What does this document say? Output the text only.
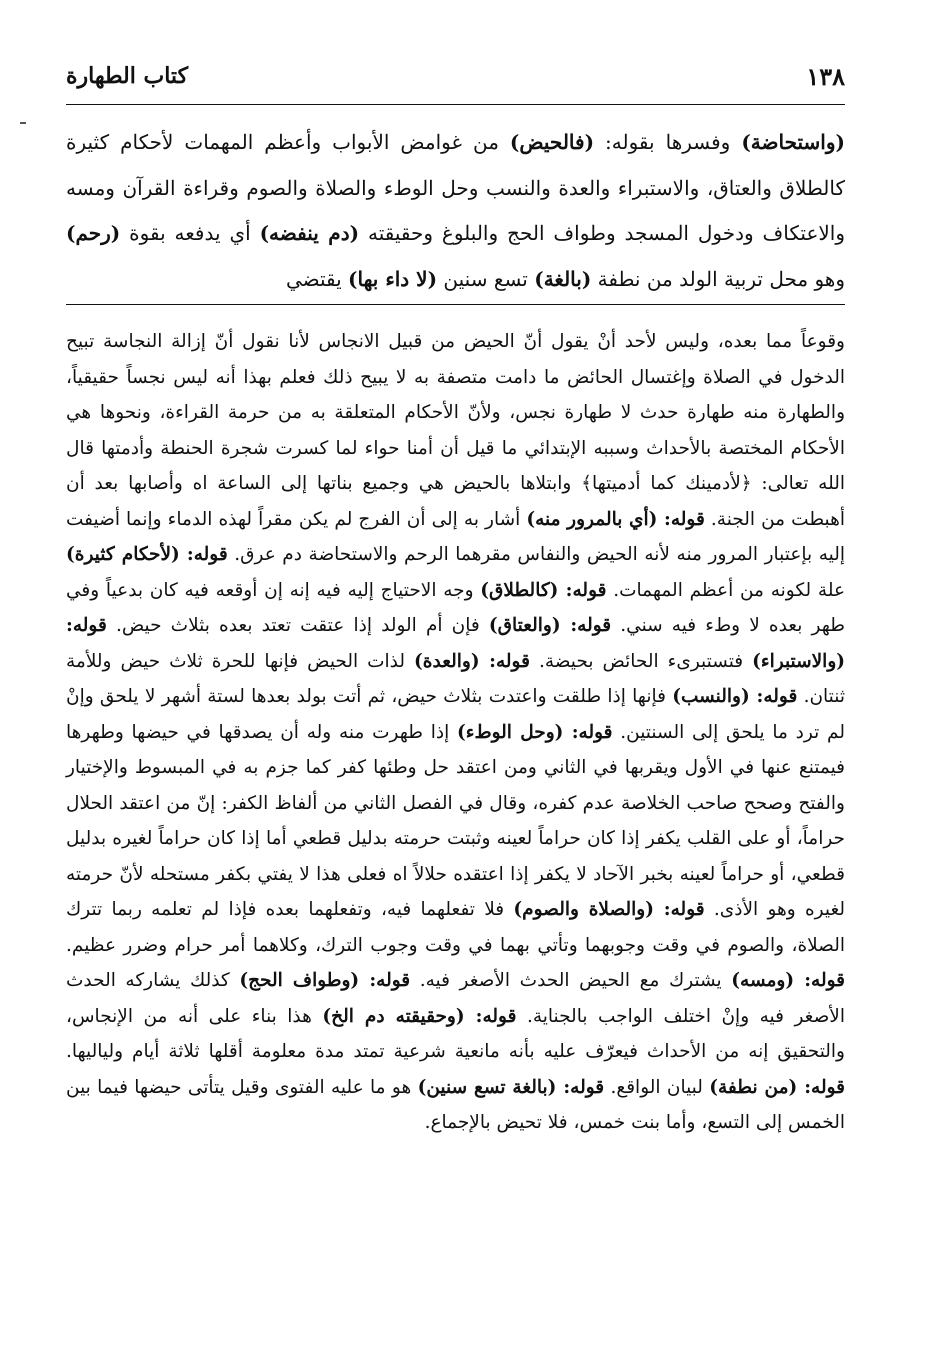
١٣٨
كتاب الطهارة

(واستحاضة) وفسرها بقوله: (فالحيض) من غوامض الأبواب وأعظم المهمات لأحكام كثيرة كالطلاق والعتاق، والاستبراء والعدة والنسب وحل الوطء والصلاة والصوم وقراءة القرآن ومسه والاعتكاف ودخول المسجد وطواف الحج والبلوغ وحقيقته (دم ينفضه) أي يدفعه بقوة (رحم) وهو محل تربية الولد من نطفة (بالغة) تسع سنين (لا داء بها) يقتضي

وقوعاً مما بعده، وليس لأحد أنْ يقول أنّ الحيض من قبيل الانجاس لأنا نقول أنّ إزالة النجاسة تبيح الدخول في الصلاة وإغتسال الحائض ما دامت متصفة به لا يبيح ذلك فعلم بهذا أنه ليس نجساً حقيقياً، والطهارة منه طهارة حدث لا طهارة نجس، ولأنّ الأحكام المتعلقة به من حرمة القراءة، ونحوها هي الأحكام المختصة بالأحداث وسببه الإبتدائي ما قيل أن أمنا حواء لما كسرت شجرة الحنطة وأدمتها قال الله تعالى: ﴿لأدمينك كما أدميتها﴾ وابتلاها بالحيض هي وجميع بناتها إلى الساعة اه وأصابها بعد أن أهبطت من الجنة. قوله: (أي بالمرور منه) أشار به إلى أن الفرج لم يكن مقراً لهذه الدماء وإنما أضيفت إليه بإعتبار المرور منه لأنه الحيض والنفاس مقرهما الرحم والاستحاضة دم عرق. قوله: (لأحكام كثيرة) علة لكونه من أعظم المهمات. قوله: (كالطلاق) وجه الاحتياج إليه فيه إنه إن أوقعه فيه كان بدعياً وفي طهر بعده لا وطء فيه سني. قوله: (والعتاق) فإن أم الولد إذا عتقت تعتد بعده بثلاث حيض. قوله: (والاستبراء) فتستبرىء الحائض بحيضة. قوله: (والعدة) لذات الحيض فإنها للحرة ثلاث حيض وللأمة ثنتان. قوله: (والنسب) فإنها إذا طلقت واعتدت بثلاث حيض، ثم أتت بولد بعدها لستة أشهر لا يلحق وإنْ لم ترد ما يلحق إلى السنتين. قوله: (وحل الوطء) إذا طهرت منه وله أن يصدقها في حيضها وطهرها فيمتنع عنها في الأول ويقربها في الثاني ومن اعتقد حل وطئها كفر كما جزم به في المبسوط والإختيار والفتح وصحح صاحب الخلاصة عدم كفره، وقال في الفصل الثاني من ألفاظ الكفر: إنّ من اعتقد الحلال حراماً، أو على القلب يكفر إذا كان حراماً لعينه وثبتت حرمته بدليل قطعي أما إذا كان حراماً لغيره بدليل قطعي، أو حراماً لعينه بخبر الآحاد لا يكفر إذا اعتقده حلالاً اه فعلى هذا لا يفتي بكفر مستحله لأنّ حرمته لغيره وهو الأذى. قوله: (والصلاة والصوم) فلا تفعلهما فيه، وتفعلهما بعده فإذا لم تعلمه ربما تترك الصلاة، والصوم في وقت وجوبهما وتأتي بهما في وقت وجوب الترك، وكلاهما أمر حرام وضرر عظيم. قوله: (ومسه) يشترك مع الحيض الحدث الأصغر فيه. قوله: (وطواف الحج) كذلك يشاركه الحدث الأصغر فيه وإنْ اختلف الواجب بالجناية. قوله: (وحقيقته دم الخ) هذا بناء على أنه من الإنجاس، والتحقيق إنه من الأحداث فيعرّف عليه بأنه مانعية شرعية تمتد مدة معلومة أقلها ثلاثة أيام ولياليها. قوله: (من نطفة) لبيان الواقع. قوله: (بالغة تسع سنين) هو ما عليه الفتوى وقيل يتأتى حيضها فيما بين الخمس إلى التسع، وأما بنت خمس، فلا تحيض بالإجماع.
